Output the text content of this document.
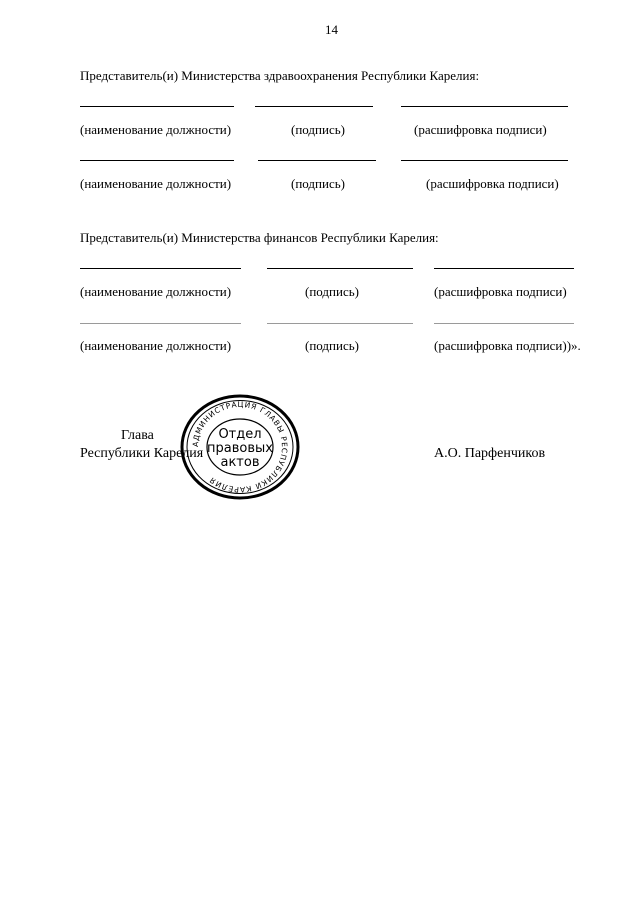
14
Представитель(и) Министерства здравоохранения Республики Карелия:
(наименование должности)	(подпись)	(расшифровка подписи)
(наименование должности)	(подпись)	(расшифровка подписи)
Представитель(и) Министерства финансов Республики Карелия:
(наименование должности)	(подпись)	(расшифровка подписи)
(наименование должности)	(подпись)	(расшифровка подписи))».
Глава
Республики Карелия	А.О. Парфенчиков
АДМИНИСТРАЦИЯ ГЛАВЫ РЕСПУБЛИКИ КАРЕЛИЯ
Отдел
правовых
актов
